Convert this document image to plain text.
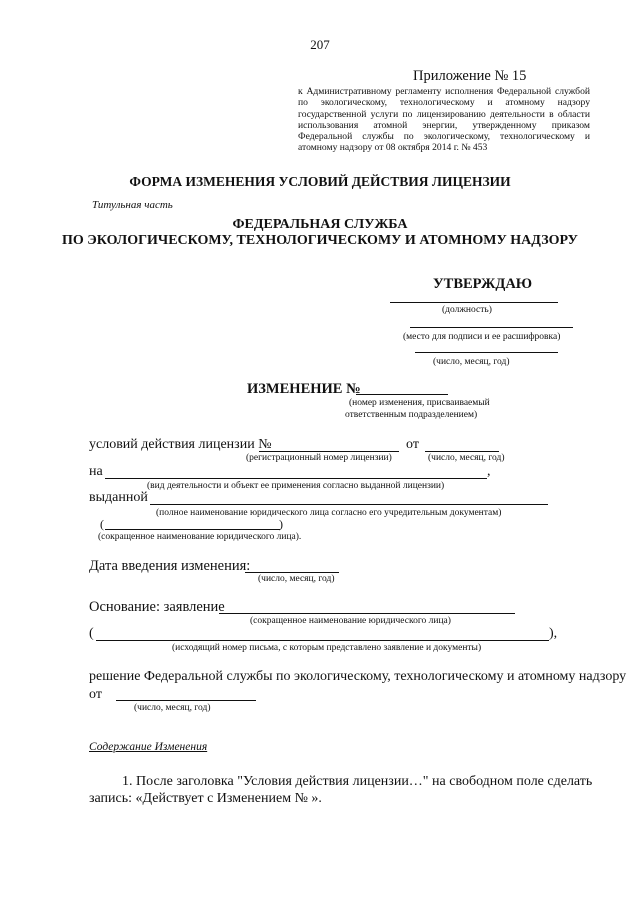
207
Приложение № 15
к Административному регламенту исполнения Федеральной службой по экологическому, технологическому и атомному надзору государственной услуги по лицензированию деятельности в области использования атомной энергии, утвержденному приказом Федеральной службы по экологическому, технологическому и атомному надзору от 08 октября 2014 г. № 453
ФОРМА ИЗМЕНЕНИЯ УСЛОВИЙ ДЕЙСТВИЯ ЛИЦЕНЗИИ
Титульная часть
ФЕДЕРАЛЬНАЯ СЛУЖБА
ПО ЭКОЛОГИЧЕСКОМУ, ТЕХНОЛОГИЧЕСКОМУ И АТОМНОМУ НАДЗОРУ
УТВЕРЖДАЮ
(должность)
(место для подписи и ее расшифровка)
(число, месяц, год)
ИЗМЕНЕНИЕ №
(номер изменения, присваиваемый
ответственным подразделением)
условий действия лицензии №	от
(регистрационный номер лицензии)	(число, месяц, год)
на	,
(вид деятельности и объект ее применения согласно выданной лицензии)
выданной
(полное наименование юридического лица согласно его учредительным документам)
(	)
(сокращенное наименование юридического лица).
Дата введения изменения:
(число, месяц, год)
Основание: заявление
(сокращенное наименование юридического лица)
(	),
(исходящий номер письма, с которым представлено заявление и документы)
решение Федеральной службы по экологическому, технологическому и атомному надзору
от
(число, месяц, год)
Содержание Изменения
1. После заголовка "Условия действия лицензии…" на свободном поле сделать
запись: «Действует с Изменением № ».
